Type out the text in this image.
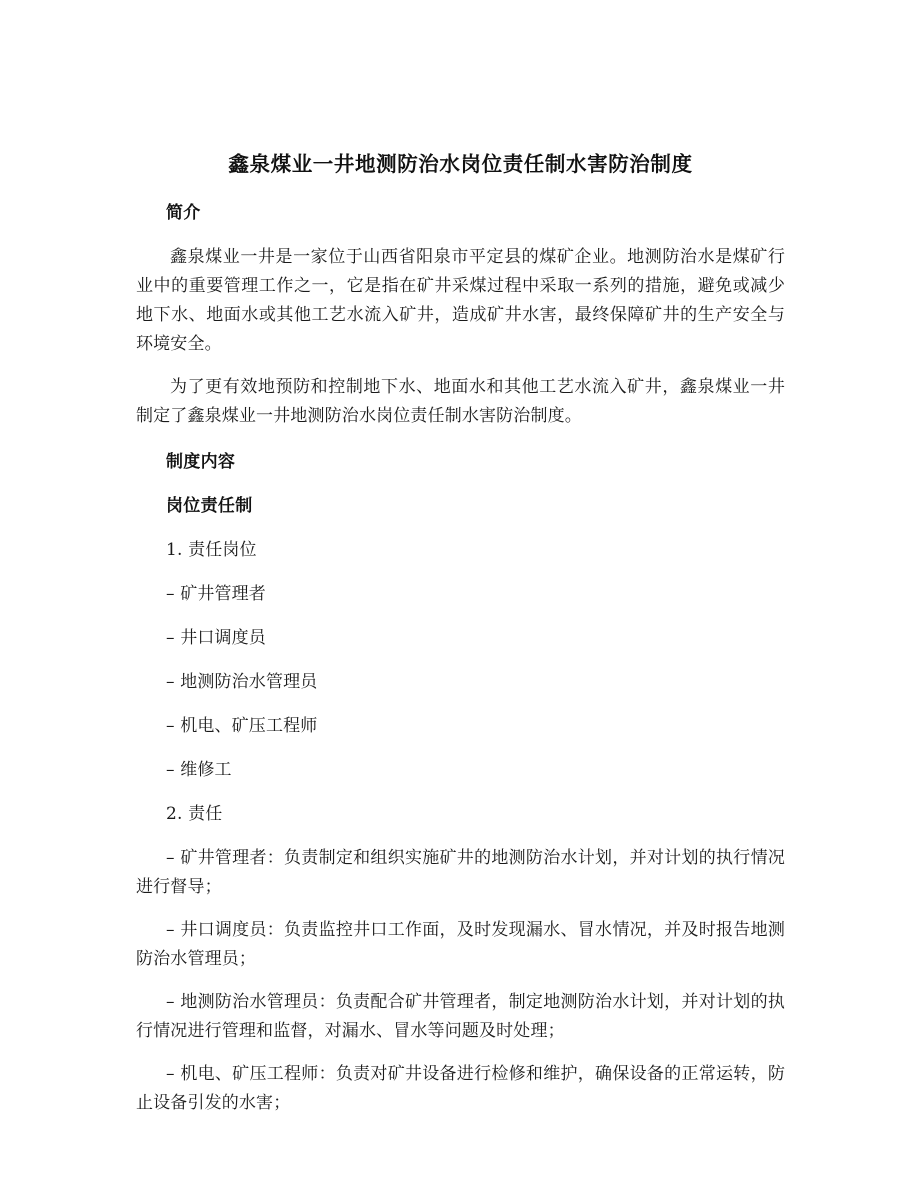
鑫泉煤业一井地测防治水岗位责任制水害防治制度
简介

鑫泉煤业一井是一家位于山西省阳泉市平定县的煤矿企业。地测防治水是煤矿行业中的重要管理工作之一，它是指在矿井采煤过程中采取一系列的措施，避免或减少地下水、地面水或其他工艺水流入矿井，造成矿井水害，最终保障矿井的生产安全与环境安全。

为了更有效地预防和控制地下水、地面水和其他工艺水流入矿井，鑫泉煤业一井制定了鑫泉煤业一井地测防治水岗位责任制水害防治制度。

制度内容
岗位责任制

1. 责任岗位

– 矿井管理者

– 井口调度员

– 地测防治水管理员

– 机电、矿压工程师

– 维修工

2. 责任

– 矿井管理者：负责制定和组织实施矿井的地测防治水计划，并对计划的执行情况进行督导；

– 井口调度员：负责监控井口工作面，及时发现漏水、冒水情况，并及时报告地测防治水管理员；

– 地测防治水管理员：负责配合矿井管理者，制定地测防治水计划，并对计划的执行情况进行管理和监督，对漏水、冒水等问题及时处理；

– 机电、矿压工程师：负责对矿井设备进行检修和维护，确保设备的正常运转，防止设备引发的水害；
